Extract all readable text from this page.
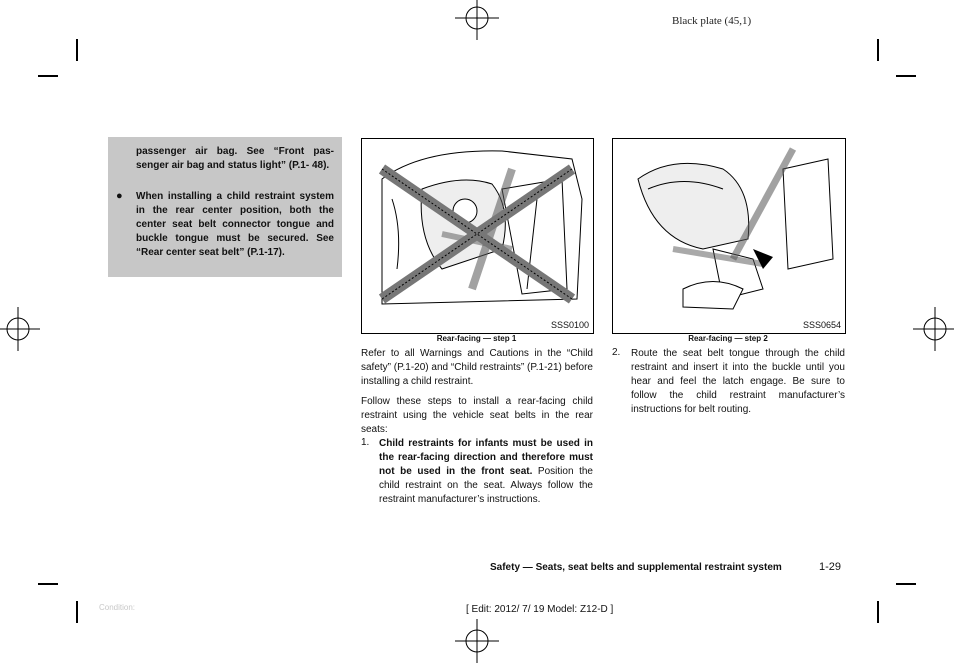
Black plate (45,1)

passenger air bag. See “Front pas- senger air bag and status light” (P.1- 48).

● When installing a child restraint system in the rear center position, both the center seat belt connector tongue and buckle tongue must be secured. See “Rear center seat belt” (P.1-17).

SSS0100
Rear-facing — step 1
SSS0654
Rear-facing — step 2

Refer to all Warnings and Cautions in the “Child safety” (P.1-20) and “Child restraints” (P.1-21) before installing a child restraint.

Follow these steps to install a rear-facing child restraint using the vehicle seat belts in the rear seats:

1. Child restraints for infants must be used in the rear-facing direction and therefore must not be used in the front seat. Position the child restraint on the seat. Always follow the restraint manufacturer’s instructions.
2. Route the seat belt tongue through the child restraint and insert it into the buckle until you hear and feel the latch engage. Be sure to follow the child restraint manufacturer’s instructions for belt routing.
Safety — Seats, seat belts and supplemental restraint system	1-29
Condition:	[ Edit: 2012/ 7/ 19 Model: Z12-D ]
